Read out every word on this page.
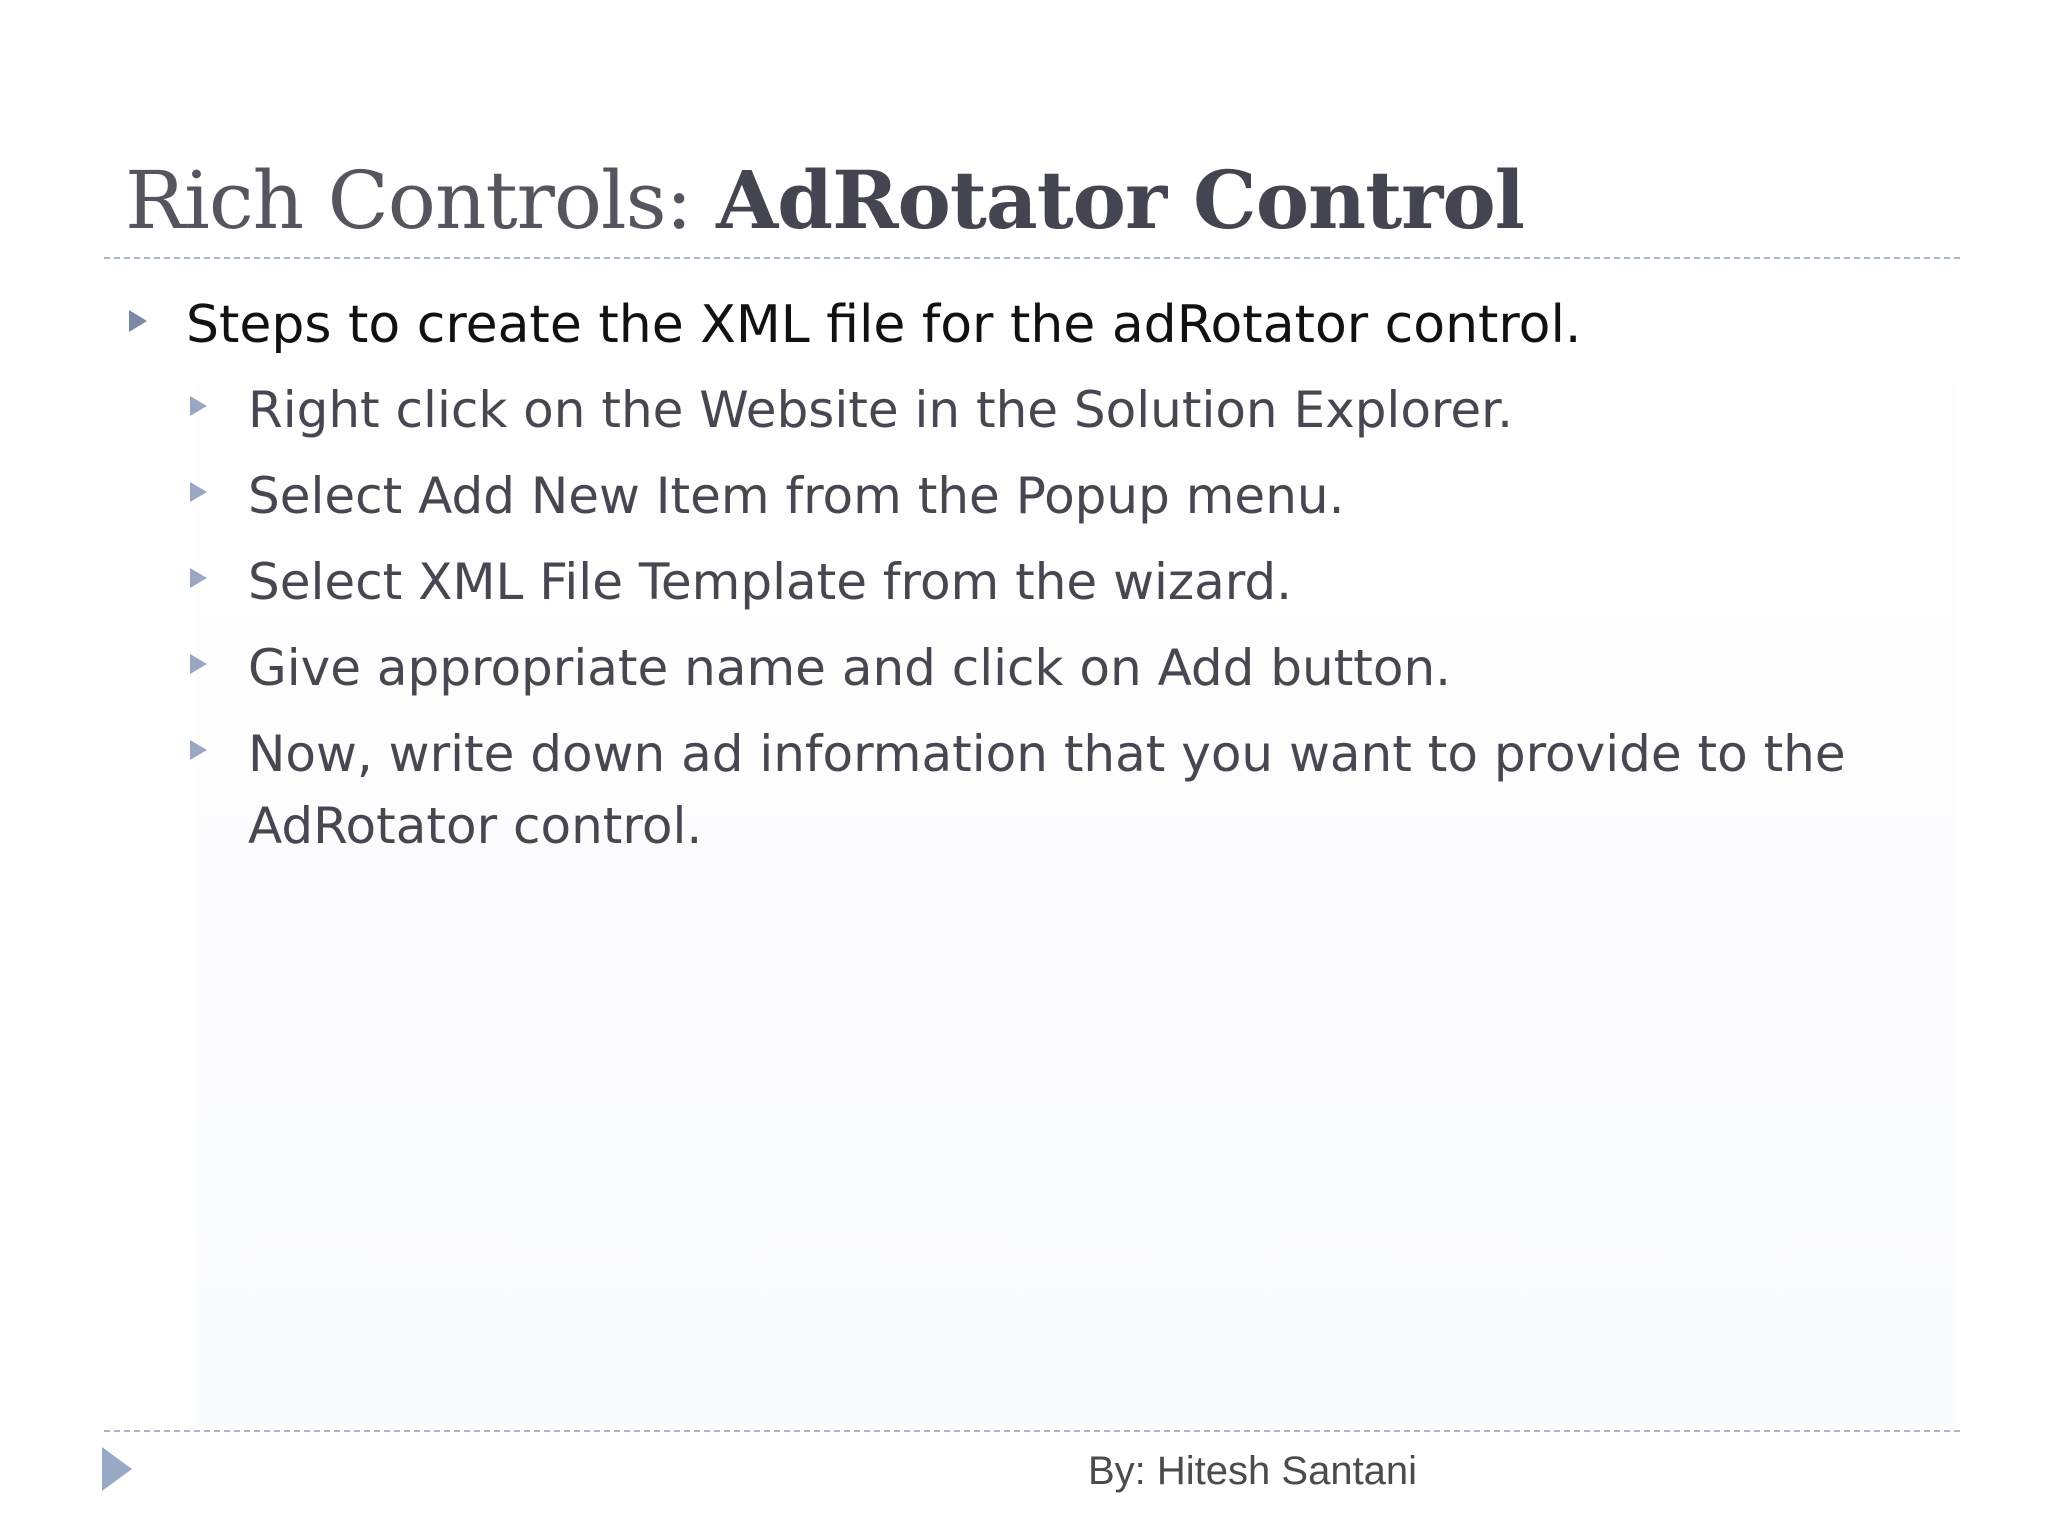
Rich Controls: AdRotator Control
Steps to create the XML file for the adRotator control.
Right click on the Website in the Solution Explorer.
Select Add New Item from the Popup menu.
Select XML File Template from the wizard.
Give appropriate name and click on Add button.
Now, write down ad information that you want to provide to the AdRotator control.
By: Hitesh Santani
